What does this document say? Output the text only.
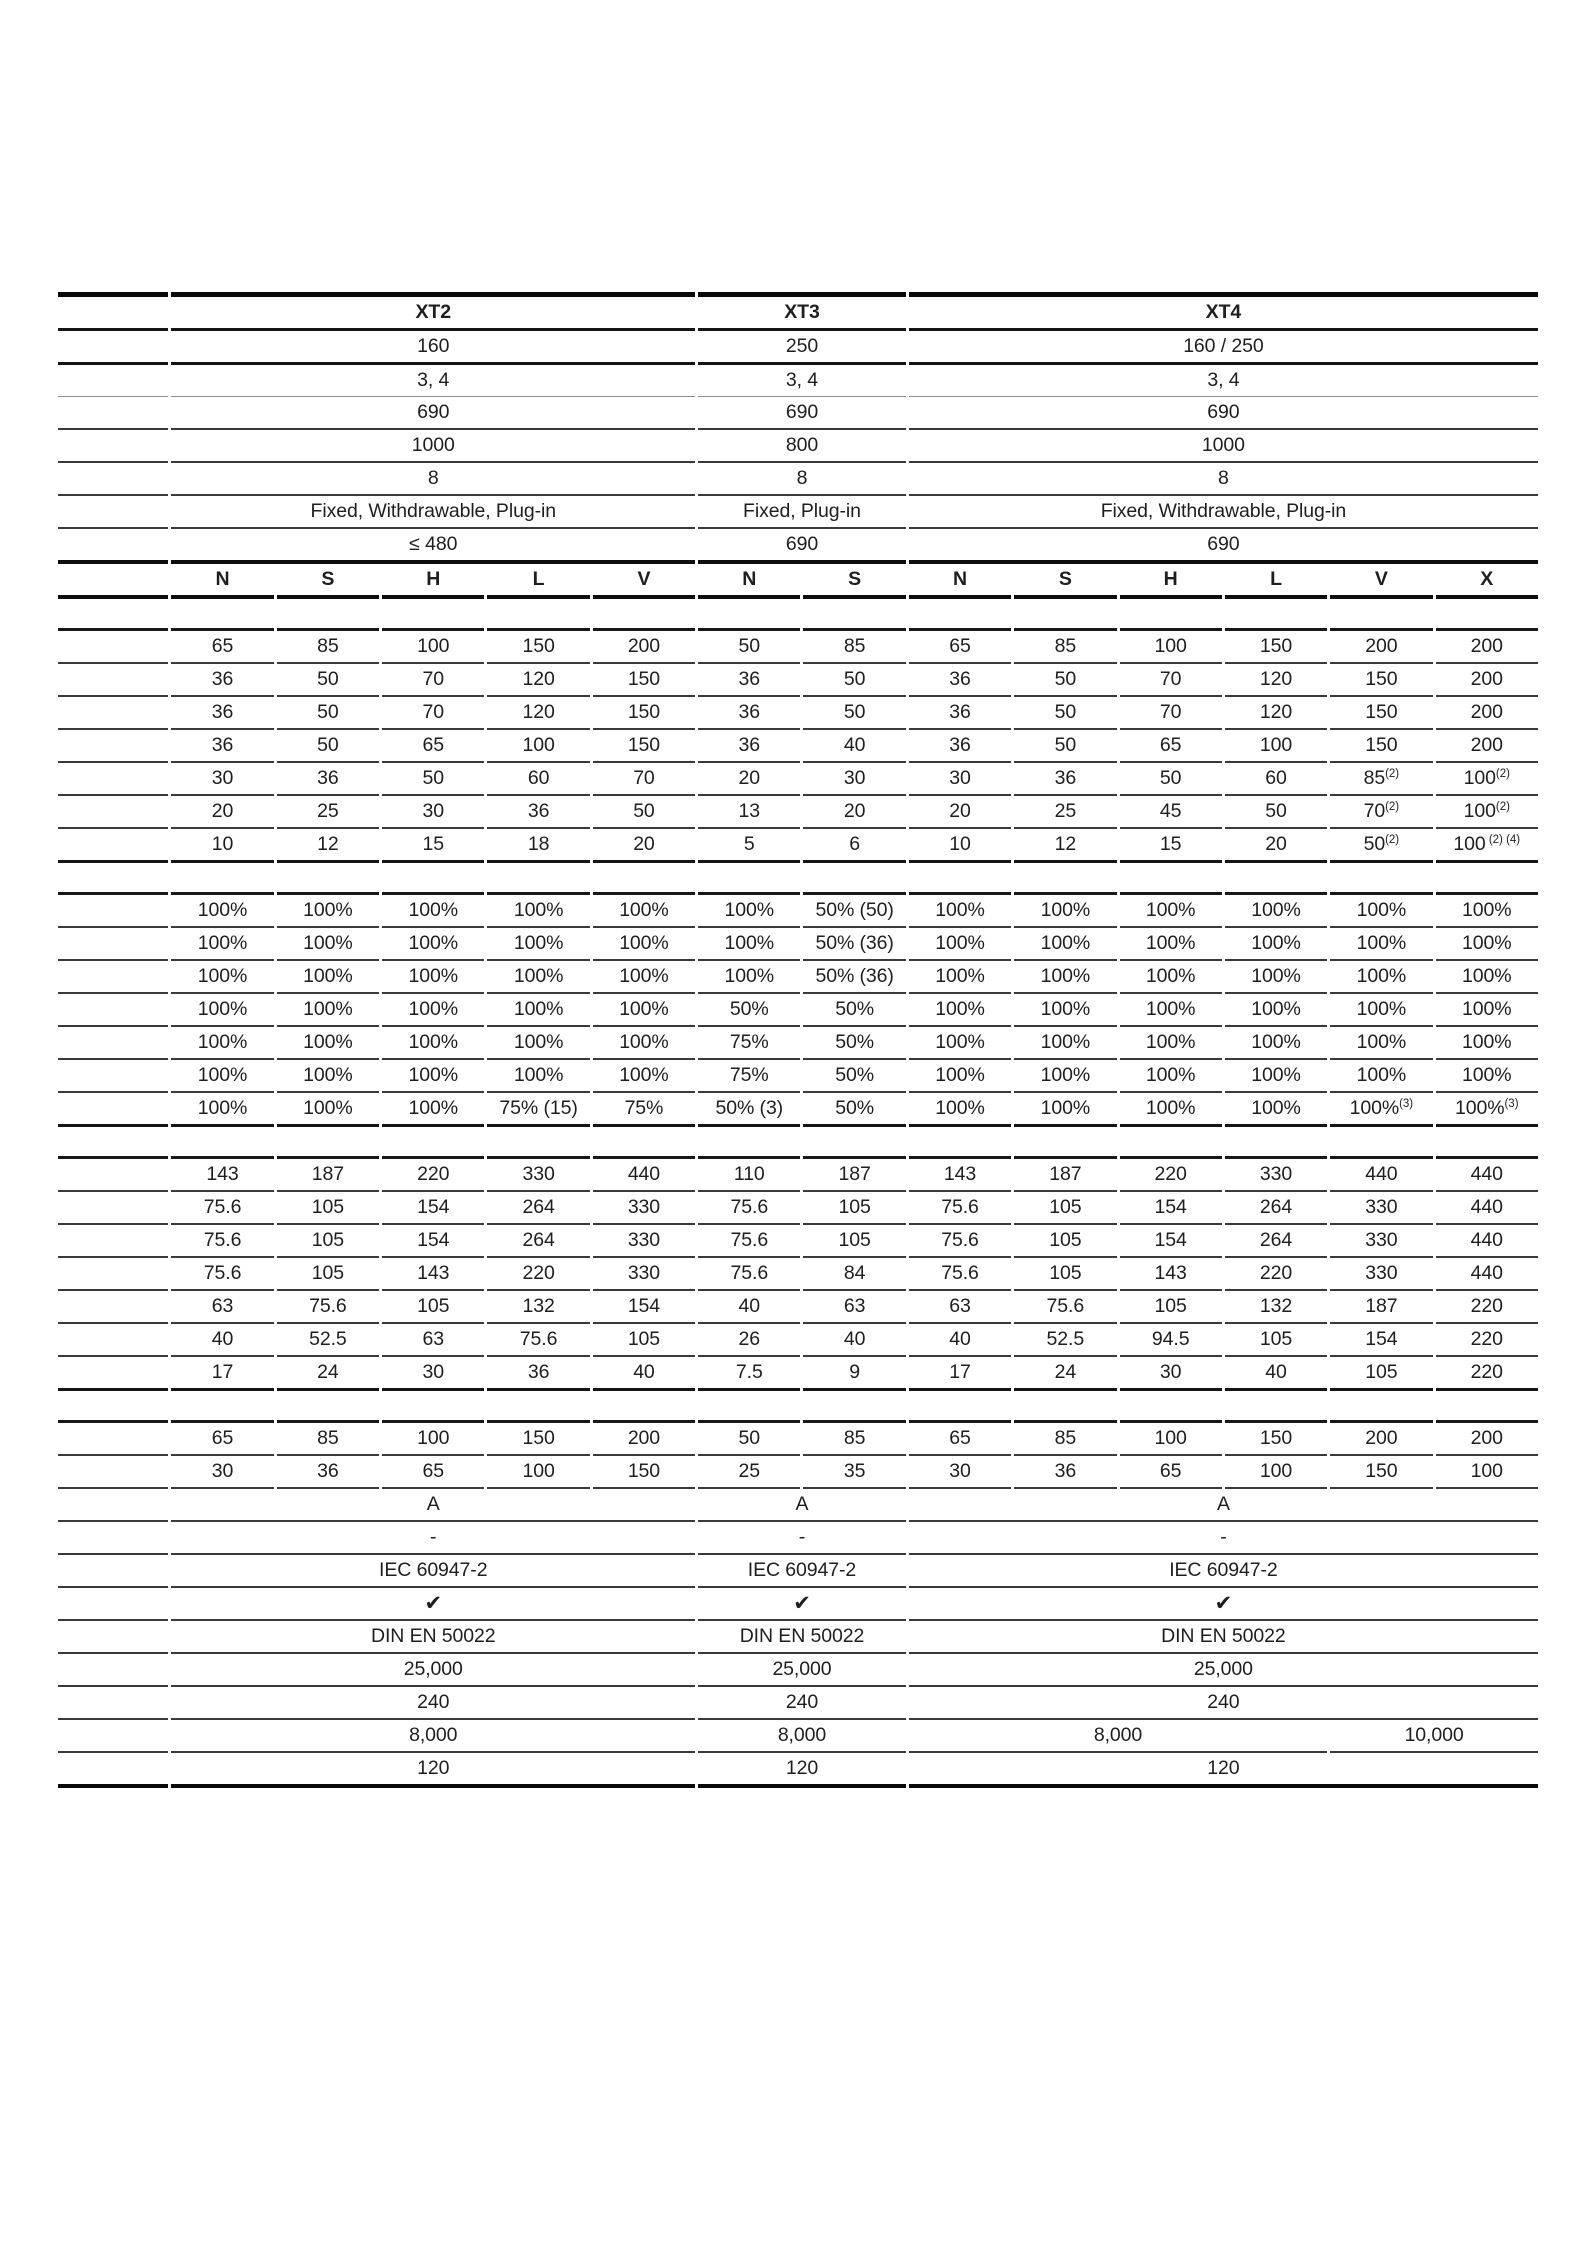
	XT2					XT3		XT4					
	160					250		160 / 250					
	3, 4					3, 4		3, 4					
	690					690		690					
	1000					800		1000					
	8					8		8					
	Fixed, Withdrawable, Plug-in					Fixed, Plug-in		Fixed, Withdrawable, Plug-in					
	≤ 480					690		690					
	N	S	H	L	V	N	S	N	S	H	L	V	X

	65	85	100	150	200	50	85	65	85	100	150	200	200
	36	50	70	120	150	36	50	36	50	70	120	150	200
	36	50	70	120	150	36	50	36	50	70	120	150	200
	36	50	65	100	150	36	40	36	50	65	100	150	200
	30	36	50	60	70	20	30	30	36	50	60	85$^{(2)}$	100$^{(2)}$
	20	25	30	36	50	13	20	20	25	45	50	70$^{(2)}$	100$^{(2)}$
	10	12	15	18	20	5	6	10	12	15	20	50$^{(2)}$	100 $^{(2) (4)}$

	100%	100%	100%	100%	100%	100%	50% (50)	100%	100%	100%	100%	100%	100%
	100%	100%	100%	100%	100%	100%	50% (36)	100%	100%	100%	100%	100%	100%
	100%	100%	100%	100%	100%	100%	50% (36)	100%	100%	100%	100%	100%	100%
	100%	100%	100%	100%	100%	50%	50%	100%	100%	100%	100%	100%	100%
	100%	100%	100%	100%	100%	75%	50%	100%	100%	100%	100%	100%	100%
	100%	100%	100%	100%	100%	75%	50%	100%	100%	100%	100%	100%	100%
	100%	100%	100%	75% (15)	75%	50% (3)	50%	100%	100%	100%	100%	100%$^{(3)}$	100%$^{(3)}$

	143	187	220	330	440	110	187	143	187	220	330	440	440
	75.6	105	154	264	330	75.6	105	75.6	105	154	264	330	440
	75.6	105	154	264	330	75.6	105	75.6	105	154	264	330	440
	75.6	105	143	220	330	75.6	84	75.6	105	143	220	330	440
	63	75.6	105	132	154	40	63	63	75.6	105	132	187	220
	40	52.5	63	75.6	105	26	40	40	52.5	94.5	105	154	220
	17	24	30	36	40	7.5	9	17	24	30	40	105	220

	65	85	100	150	200	50	85	65	85	100	150	200	200
	30	36	65	100	150	25	35	30	36	65	100	150	100
	A					A		A					
	-					-		-					
	IEC 60947-2					IEC 60947-2		IEC 60947-2					
	✔					✔		✔					
	DIN EN 50022					DIN EN 50022		DIN EN 50022					
	25,000					25,000		25,000					
	240					240		240					
	8,000					8,000		8,000				10,000	
	120					120		120					
